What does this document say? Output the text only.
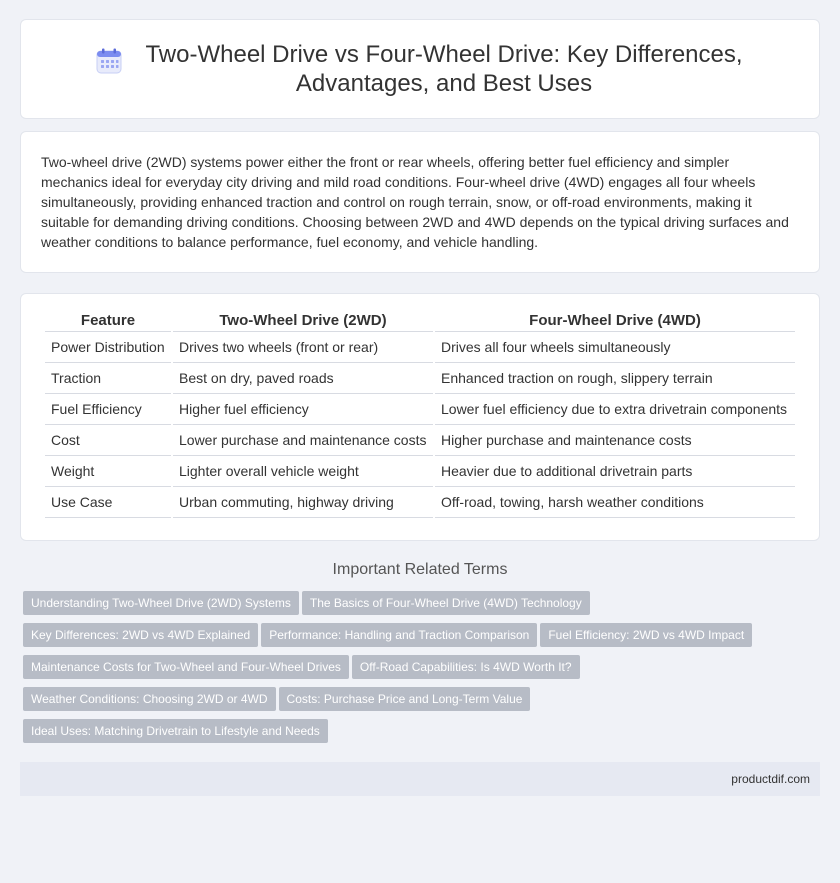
Two-Wheel Drive vs Four-Wheel Drive: Key Differences, Advantages, and Best Uses
Two-wheel drive (2WD) systems power either the front or rear wheels, offering better fuel efficiency and simpler mechanics ideal for everyday city driving and mild road conditions. Four-wheel drive (4WD) engages all four wheels simultaneously, providing enhanced traction and control on rough terrain, snow, or off-road environments, making it suitable for demanding driving conditions. Choosing between 2WD and 4WD depends on the typical driving surfaces and weather conditions to balance performance, fuel economy, and vehicle handling.
Feature	Two-Wheel Drive (2WD)	Four-Wheel Drive (4WD)
Power Distribution	Drives two wheels (front or rear)	Drives all four wheels simultaneously
Traction	Best on dry, paved roads	Enhanced traction on rough, slippery terrain
Fuel Efficiency	Higher fuel efficiency	Lower fuel efficiency due to extra drivetrain components
Cost	Lower purchase and maintenance costs	Higher purchase and maintenance costs
Weight	Lighter overall vehicle weight	Heavier due to additional drivetrain parts
Use Case	Urban commuting, highway driving	Off-road, towing, harsh weather conditions
Important Related Terms
Understanding Two-Wheel Drive (2WD) Systems	The Basics of Four-Wheel Drive (4WD) Technology
Key Differences: 2WD vs 4WD Explained	Performance: Handling and Traction Comparison	Fuel Efficiency: 2WD vs 4WD Impact
Maintenance Costs for Two-Wheel and Four-Wheel Drives	Off-Road Capabilities: Is 4WD Worth It?
Weather Conditions: Choosing 2WD or 4WD	Costs: Purchase Price and Long-Term Value
Ideal Uses: Matching Drivetrain to Lifestyle and Needs
productdif.com
